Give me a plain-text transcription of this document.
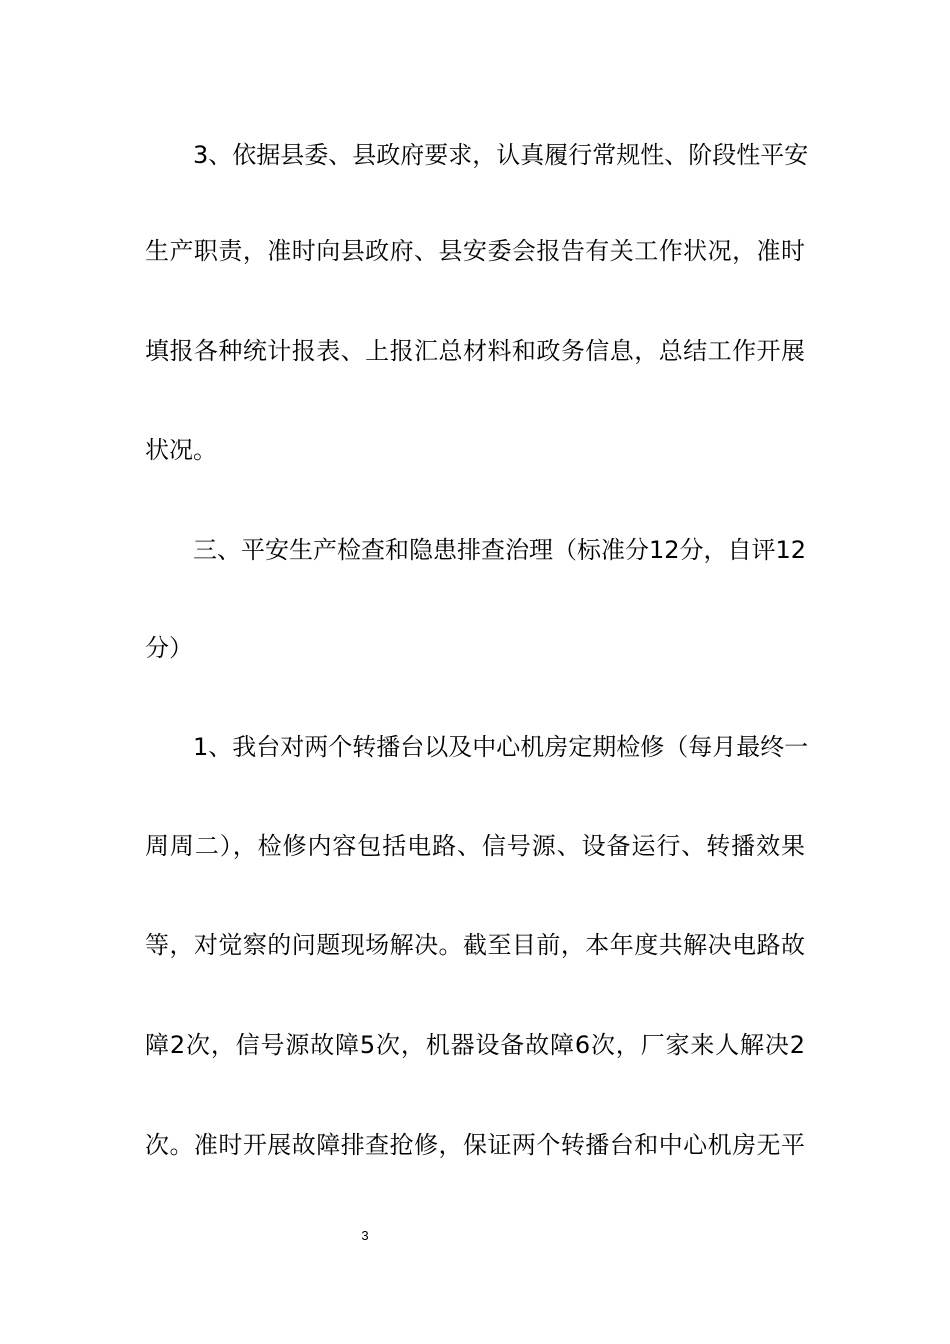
3、依据县委、县政府要求，认真履行常规性、阶段性平安
生产职责，准时向县政府、县安委会报告有关工作状况，准时
填报各种统计报表、上报汇总材料和政务信息，总结工作开展
状况。
三、平安生产检查和隐患排查治理（标准分12分，自评12
分）
1、我台对两个转播台以及中心机房定期检修（每月最终一
周周二），检修内容包括电路、信号源、设备运行、转播效果
等，对觉察的问题现场解决。截至目前，本年度共解决电路故
障2次，信号源故障5次，机器设备故障6次，厂家来人解决2
次。准时开展故障排查抢修，保证两个转播台和中心机房无平
3
